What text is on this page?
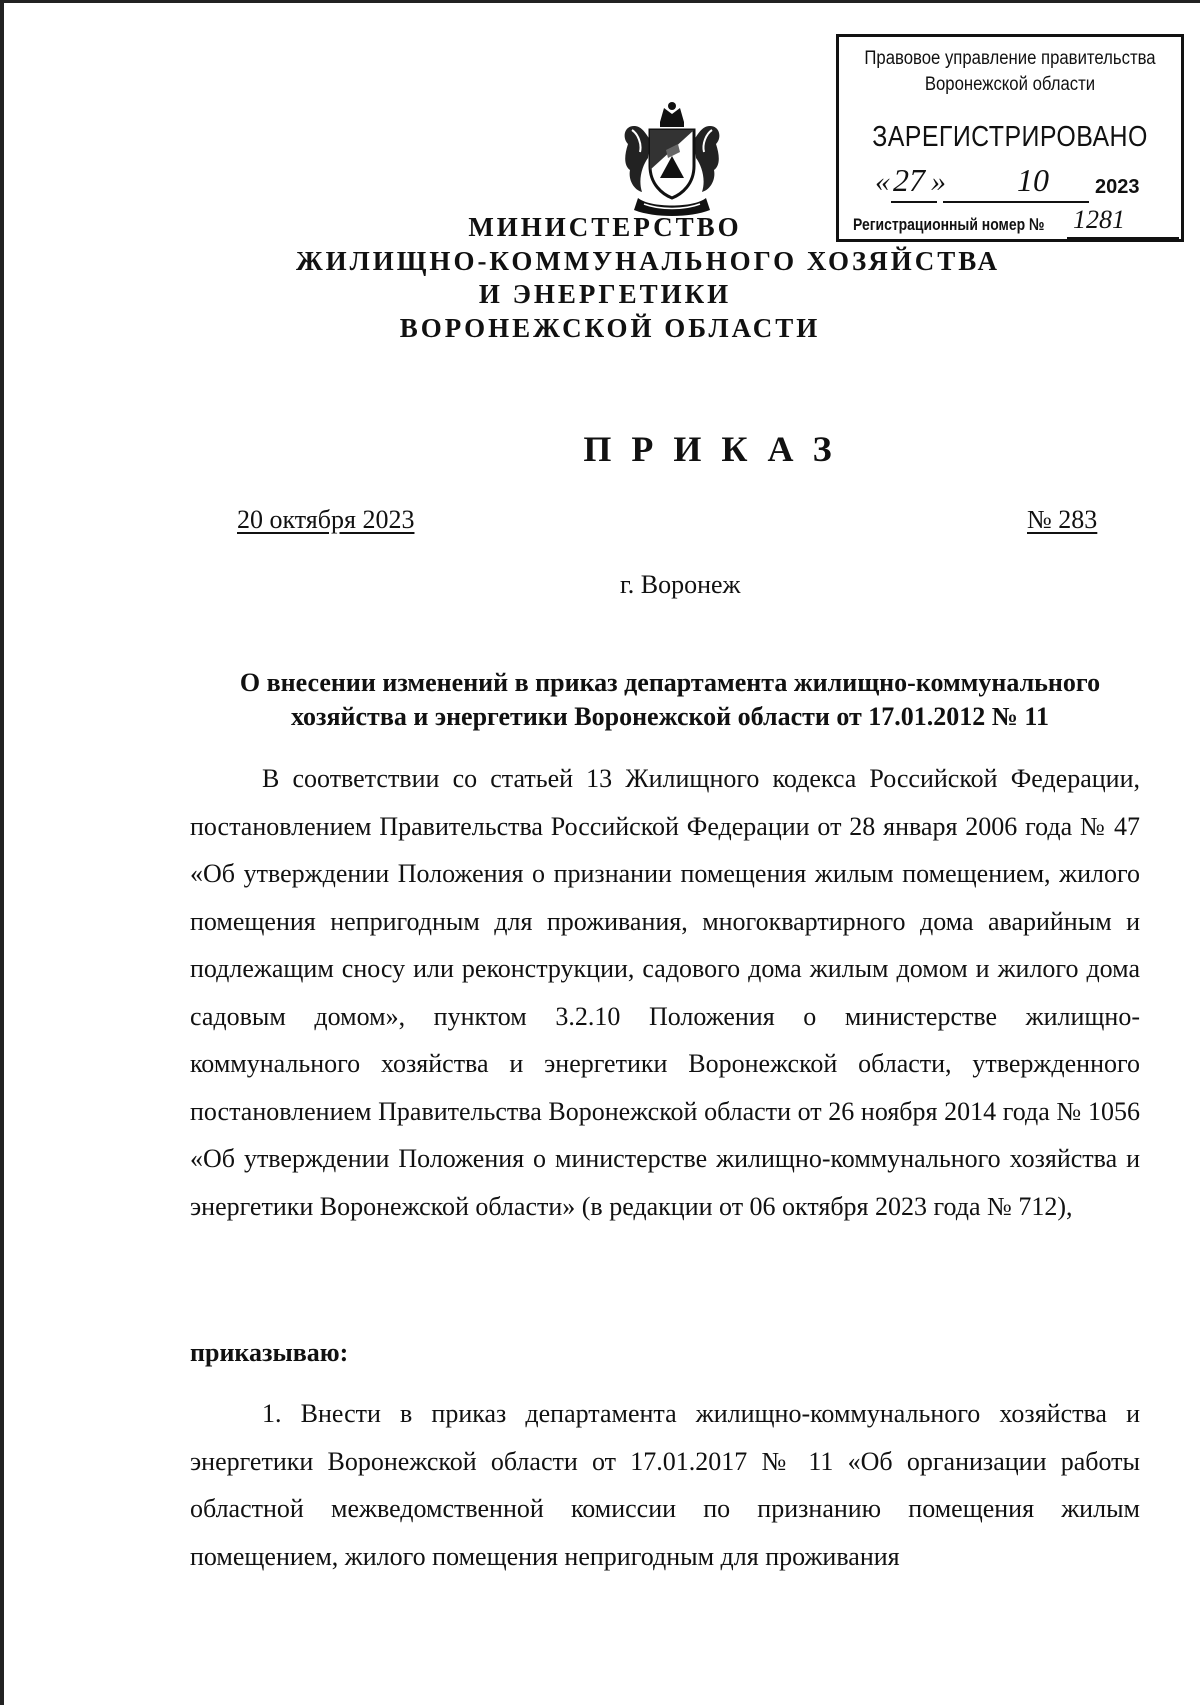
Правовое управление правительства
Воронежской области
ЗАРЕГИСТРИРОВАНО
« 27 » 10 2023
Регистрационный номер № 1281
МИНИСТЕРСТВО
ЖИЛИЩНО-КОММУНАЛЬНОГО ХОЗЯЙСТВА
И ЭНЕРГЕТИКИ
ВОРОНЕЖСКОЙ ОБЛАСТИ
ПРИКАЗ
20 октября 2023	№ 283
г. Воронеж
О внесении изменений в приказ департамента жилищно-коммунального хозяйства и энергетики Воронежской области от 17.01.2012 № 11

В соответствии со статьей 13 Жилищного кодекса Российской Федерации, постановлением Правительства Российской Федерации от 28 января 2006 года № 47 «Об утверждении Положения о признании помещения жилым помещением, жилого помещения непригодным для проживания, многоквартирного дома аварийным и подлежащим сносу или реконструкции, садового дома жилым домом и жилого дома садовым домом», пунктом 3.2.10 Положения о министерстве жилищно-коммунального хозяйства и энергетики Воронежской области, утвержденного постановлением Правительства Воронежской области от 26 ноября 2014 года № 1056 «Об утверждении Положения о министерстве жилищно-коммунального хозяйства и энергетики Воронежской области» (в редакции от 06 октября 2023 года № 712),

приказываю:

1. Внести в приказ департамента жилищно-коммунального хозяйства и энергетики Воронежской области от 17.01.2017 № 11 «Об организации работы областной межведомственной комиссии по признанию помещения жилым помещением, жилого помещения непригодным для проживания
